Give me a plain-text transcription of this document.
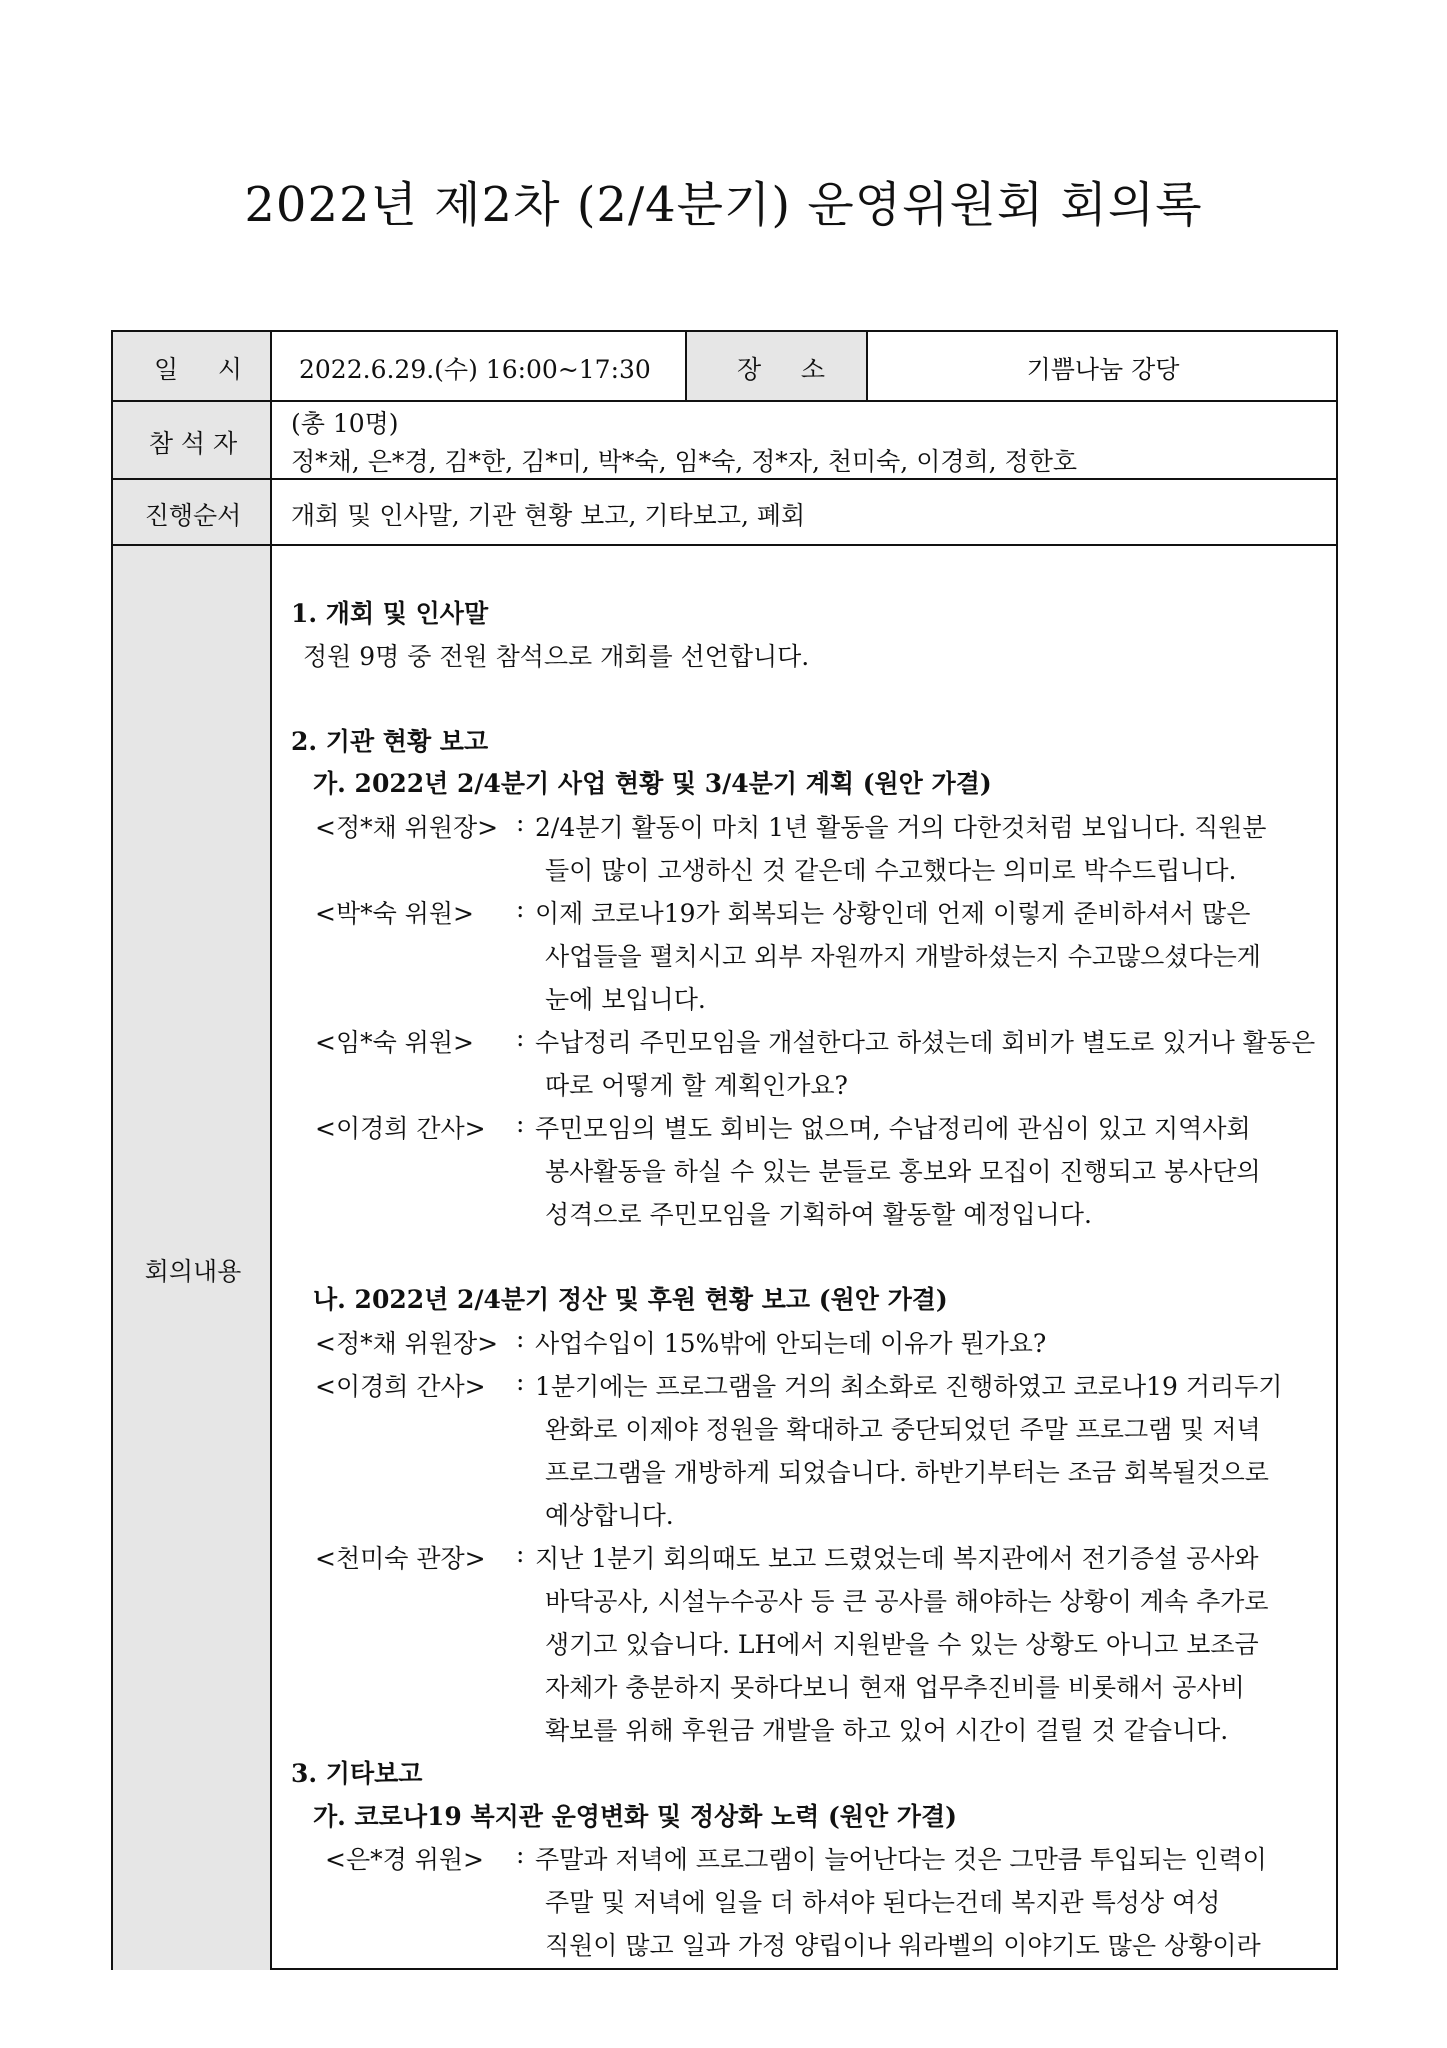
2022년 제2차 (2/4분기) 운영위원회 회의록
일     시	2022.6.29.(수) 16:00~17:30	장     소	기쁨나눔 강당
참 석 자
(총 10명)
정*채, 은*경, 김*한, 김*미, 박*숙, 임*숙, 정*자, 천미숙, 이경희, 정한호
진행순서	개회 및 인사말, 기관 현황 보고, 기타보고, 폐회
회의내용
1. 개회 및 인사말
정원 9명 중 전원 참석으로 개회를 선언합니다.
2. 기관 현황 보고
가. 2022년 2/4분기 사업 현황 및 3/4분기 계획 (원안 가결)
<정*채 위원장> : 2/4분기 활동이 마치 1년 활동을 거의 다한것처럼 보입니다. 직원분
들이 많이 고생하신 것 같은데 수고했다는 의미로 박수드립니다.
<박*숙 위원> : 이제 코로나19가 회복되는 상황인데 언제 이렇게 준비하셔서 많은
사업들을 펼치시고 외부 자원까지 개발하셨는지 수고많으셨다는게
눈에 보입니다.
<임*숙 위원> : 수납정리 주민모임을 개설한다고 하셨는데 회비가 별도로 있거나 활동은
따로 어떻게 할 계획인가요?
<이경희 간사> : 주민모임의 별도 회비는 없으며, 수납정리에 관심이 있고 지역사회
봉사활동을 하실 수 있는 분들로 홍보와 모집이 진행되고 봉사단의
성격으로 주민모임을 기획하여 활동할 예정입니다.
나. 2022년 2/4분기 정산 및 후원 현황 보고 (원안 가결)
<정*채 위원장> : 사업수입이 15%밖에 안되는데 이유가 뭔가요?
<이경희 간사> : 1분기에는 프로그램을 거의 최소화로 진행하였고 코로나19 거리두기
완화로 이제야 정원을 확대하고 중단되었던 주말 프로그램 및 저녁
프로그램을 개방하게 되었습니다. 하반기부터는 조금 회복될것으로
예상합니다.
<천미숙 관장> : 지난 1분기 회의때도 보고 드렸었는데 복지관에서 전기증설 공사와
바닥공사, 시설누수공사 등 큰 공사를 해야하는 상황이 계속 추가로
생기고 있습니다. LH에서 지원받을 수 있는 상황도 아니고 보조금
자체가 충분하지 못하다보니 현재 업무추진비를 비롯해서 공사비
확보를 위해 후원금 개발을 하고 있어 시간이 걸릴 것 같습니다.
3. 기타보고
가. 코로나19 복지관 운영변화 및 정상화 노력 (원안 가결)
<은*경 위원> : 주말과 저녁에 프로그램이 늘어난다는 것은 그만큼 투입되는 인력이
주말 및 저녁에 일을 더 하셔야 된다는건데 복지관 특성상 여성
직원이 많고 일과 가정 양립이나 워라벨의 이야기도 많은 상황이라
